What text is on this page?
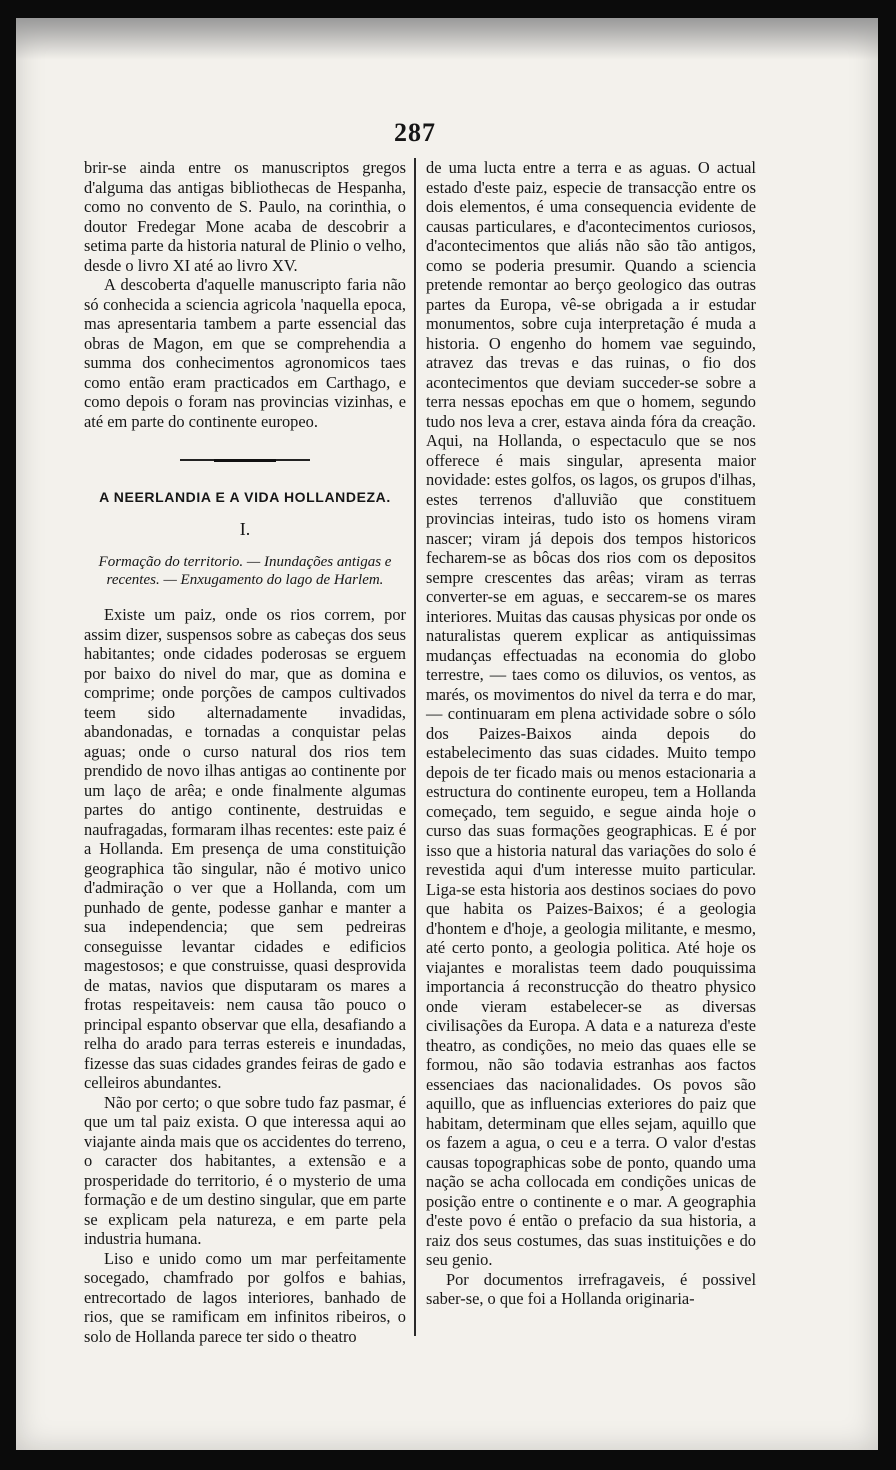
287

brir-se ainda entre os manuscriptos gregos d'alguma das antigas bibliothecas de Hespanha, como no convento de S. Paulo, na corinthia, o doutor Fredegar Mone acaba de descobrir a setima parte da historia natural de Plinio o velho, desde o livro XI até ao livro XV.

A descoberta d'aquelle manuscripto faria não só conhecida a sciencia agricola 'naquella epoca, mas apresentaria tambem a parte essencial das obras de Magon, em que se comprehendia a summa dos conhecimentos agronomicos taes como então eram practicados em Carthago, e como depois o foram nas provincias vizinhas, e até em parte do continente europeo.

A NEERLANDIA E A VIDA HOLLANDEZA.
I.
Formação do territorio. — Inundações antigas e recentes. — Enxugamento do lago de Harlem.

Existe um paiz, onde os rios correm, por assim dizer, suspensos sobre as cabeças dos seus habitantes; onde cidades poderosas se erguem por baixo do nivel do mar, que as domina e comprime; onde porções de campos cultivados teem sido alternadamente invadidas, abandonadas, e tornadas a conquistar pelas aguas; onde o curso natural dos rios tem prendido de novo ilhas antigas ao continente por um laço de arêa; e onde finalmente algumas partes do antigo continente, destruidas e naufragadas, formaram ilhas recentes: este paiz é a Hollanda. Em presença de uma constituição geographica tão singular, não é motivo unico d'admiração o ver que a Hollanda, com um punhado de gente, podesse ganhar e manter a sua independencia; que sem pedreiras conseguisse levantar cidades e edificios magestosos; e que construisse, quasi desprovida de matas, navios que disputaram os mares a frotas respeitaveis: nem causa tão pouco o principal espanto observar que ella, desafiando a relha do arado para terras estereis e inundadas, fizesse das suas cidades grandes feiras de gado e celleiros abundantes.

Não por certo; o que sobre tudo faz pasmar, é que um tal paiz exista. O que interessa aqui ao viajante ainda mais que os accidentes do terreno, o caracter dos habitantes, a extensão e a prosperidade do territorio, é o mysterio de uma formação e de um destino singular, que em parte se explicam pela natureza, e em parte pela industria humana.

Liso e unido como um mar perfeitamente socegado, chamfrado por golfos e bahias, entrecortado de lagos interiores, banhado de rios, que se ramificam em infinitos ribeiros, o solo de Hollanda parece ter sido o theatro

de uma lucta entre a terra e as aguas. O actual estado d'este paiz, especie de transacção entre os dois elementos, é uma consequencia evidente de causas particulares, e d'acontecimentos curiosos, d'acontecimentos que aliás não são tão antigos, como se poderia presumir. Quando a sciencia pretende remontar ao berço geologico das outras partes da Europa, vê-se obrigada a ir estudar monumentos, sobre cuja interpretação é muda a historia. O engenho do homem vae seguindo, atravez das trevas e das ruinas, o fio dos acontecimentos que deviam succeder-se sobre a terra nessas epochas em que o homem, segundo tudo nos leva a crer, estava ainda fóra da creação. Aqui, na Hollanda, o espectaculo que se nos offerece é mais singular, apresenta maior novidade: estes golfos, os lagos, os grupos d'ilhas, estes terrenos d'alluvião que constituem provincias inteiras, tudo isto os homens viram nascer; viram já depois dos tempos historicos fecharem-se as bôcas dos rios com os depositos sempre crescentes das arêas; viram as terras converter-se em aguas, e seccarem-se os mares interiores. Muitas das causas physicas por onde os naturalistas querem explicar as antiquissimas mudanças effectuadas na economia do globo terrestre, — taes como os diluvios, os ventos, as marés, os movimentos do nivel da terra e do mar, — continuaram em plena actividade sobre o sólo dos Paizes-Baixos ainda depois do estabelecimento das suas cidades. Muito tempo depois de ter ficado mais ou menos estacionaria a estructura do continente europeu, tem a Hollanda começado, tem seguido, e segue ainda hoje o curso das suas formações geographicas. E é por isso que a historia natural das variações do solo é revestida aqui d'um interesse muito particular. Liga-se esta historia aos destinos sociaes do povo que habita os Paizes-Baixos; é a geologia d'hontem e d'hoje, a geologia militante, e mesmo, até certo ponto, a geologia politica. Até hoje os viajantes e moralistas teem dado pouquissima importancia á reconstrucção do theatro physico onde vieram estabelecer-se as diversas civilisações da Europa. A data e a natureza d'este theatro, as condições, no meio das quaes elle se formou, não são todavia estranhas aos factos essenciaes das nacionalidades. Os povos são aquillo, que as influencias exteriores do paiz que habitam, determinam que elles sejam, aquillo que os fazem a agua, o ceu e a terra. O valor d'estas causas topographicas sobe de ponto, quando uma nação se acha collocada em condições unicas de posição entre o continente e o mar. A geographia d'este povo é então o prefacio da sua historia, a raiz dos seus costumes, das suas instituições e do seu genio.

Por documentos irrefragaveis, é possivel saber-se, o que foi a Hollanda originaria-
